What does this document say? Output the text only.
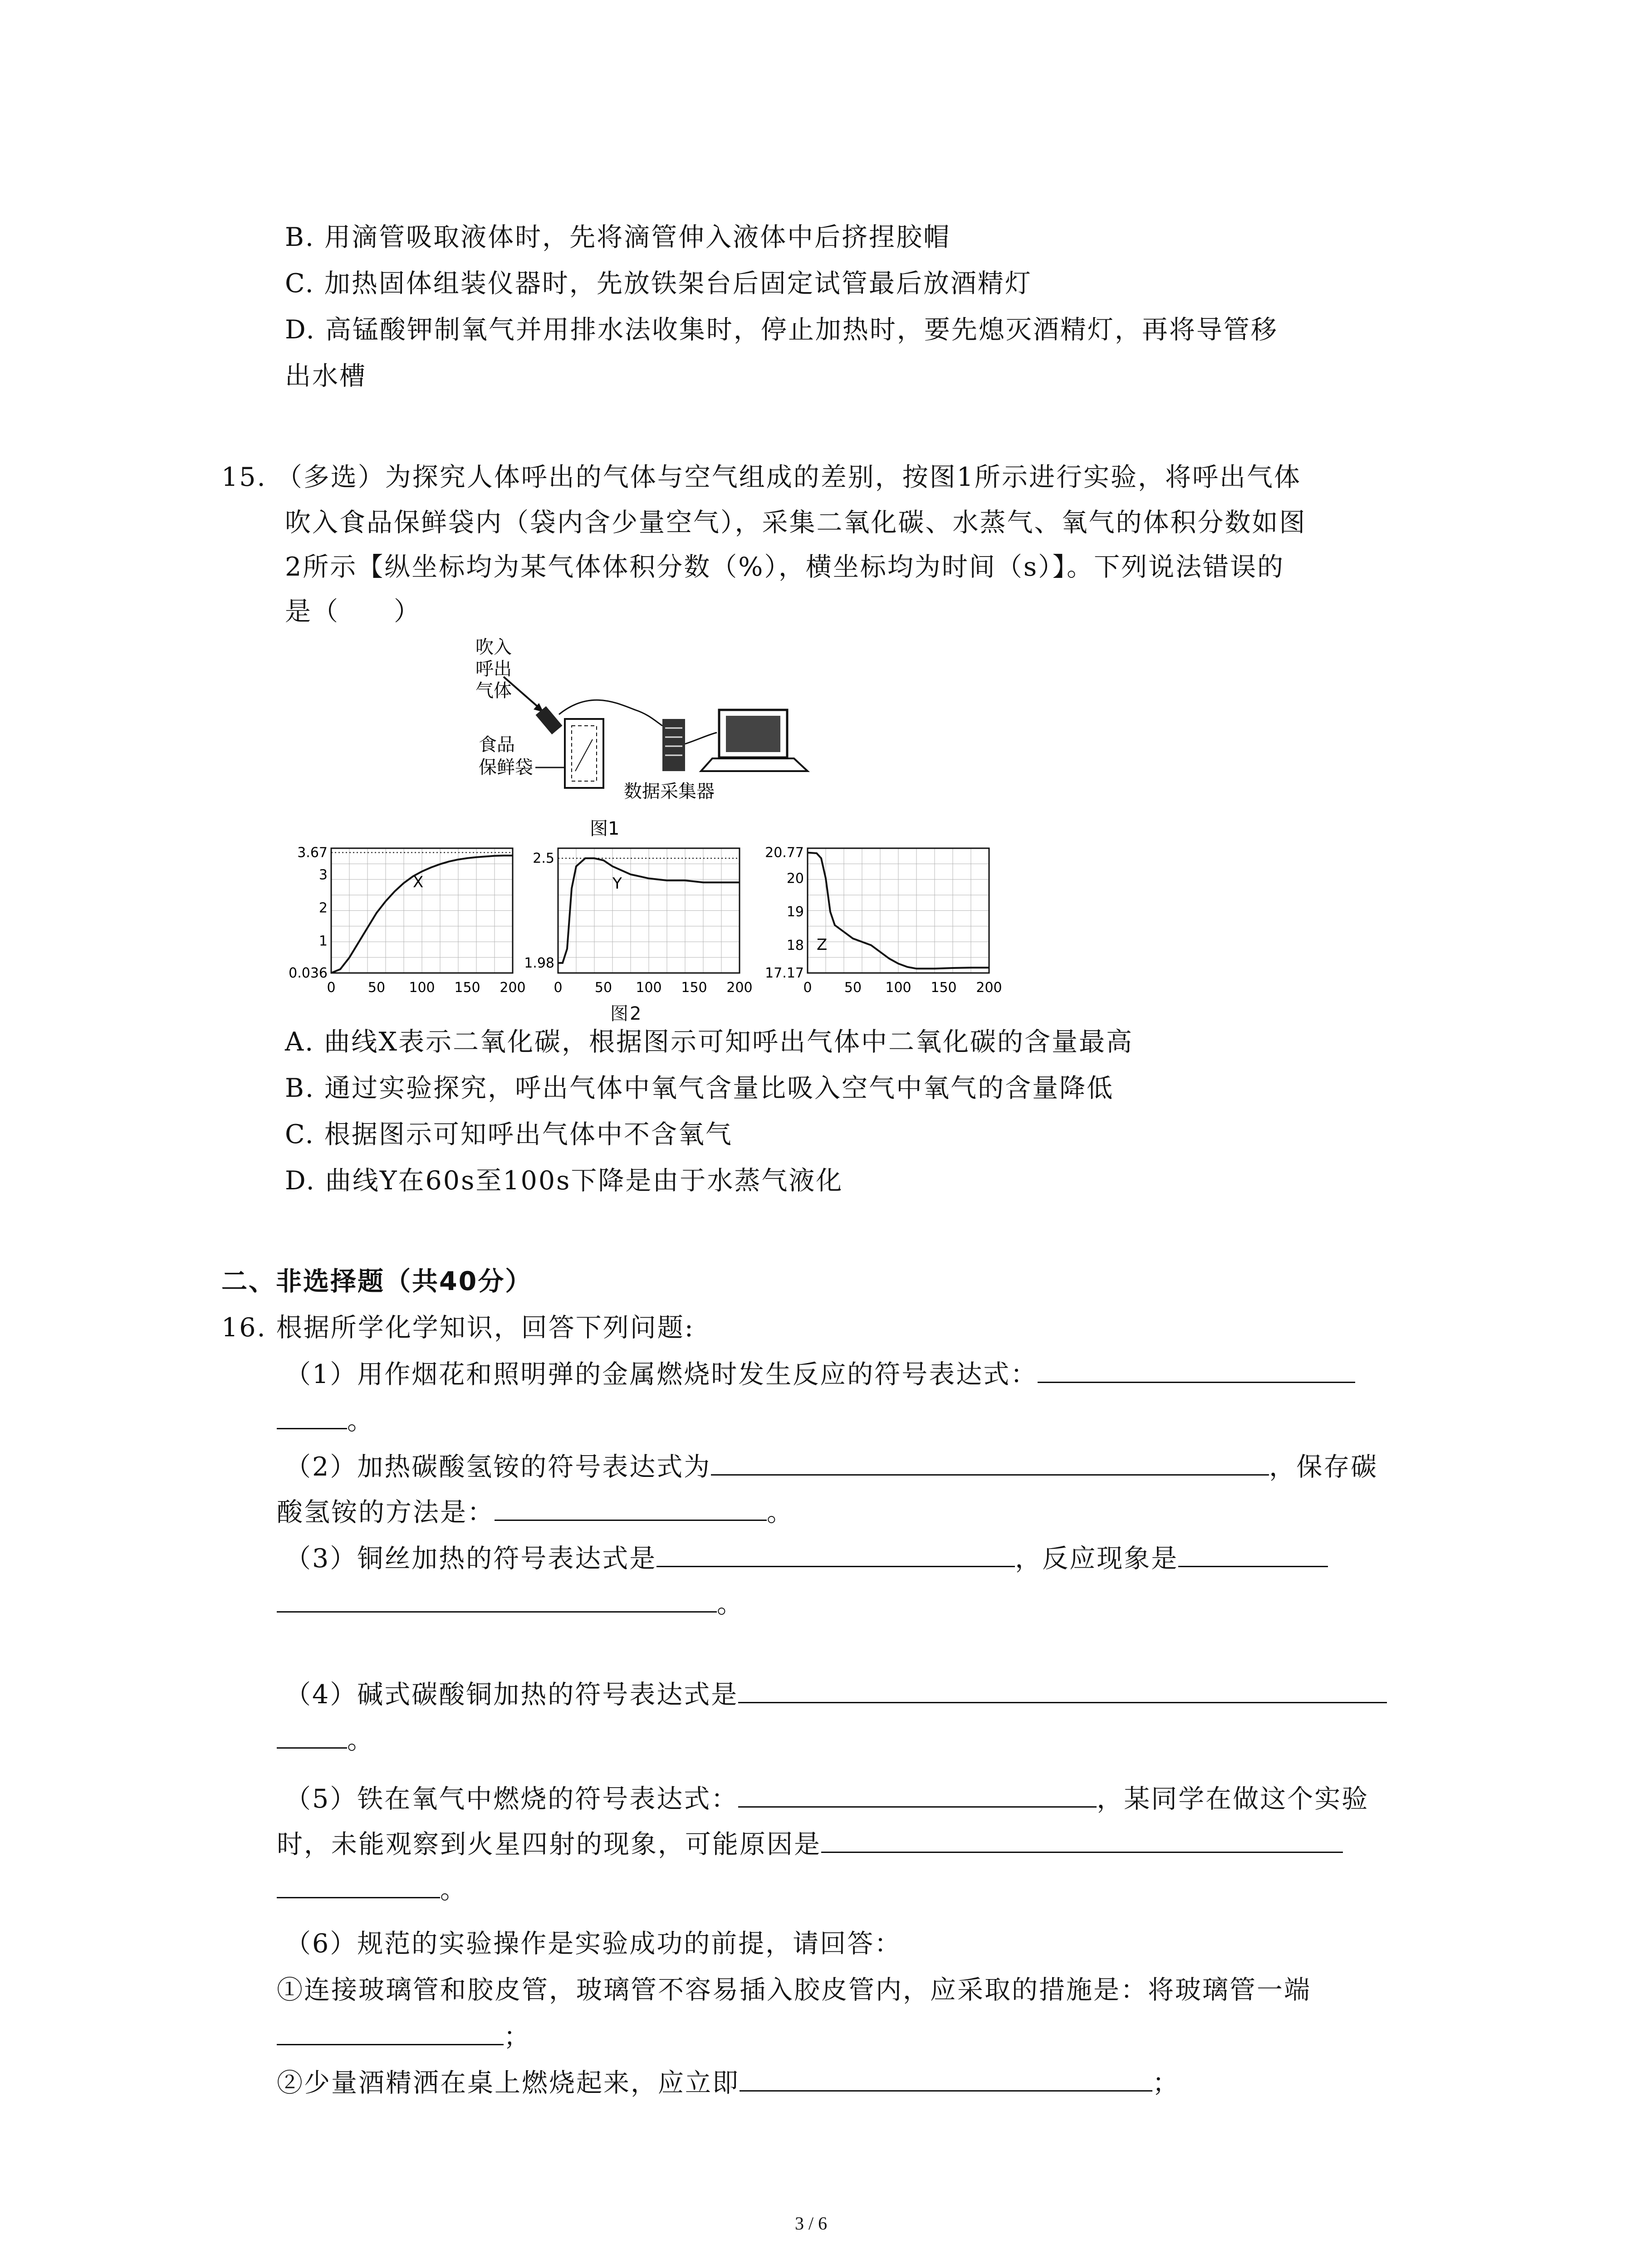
B. 用滴管吸取液体时，先将滴管伸入液体中后挤捏胶帽
C. 加热固体组装仪器时，先放铁架台后固定试管最后放酒精灯
D. 高锰酸钾制氧气并用排水法收集时，停止加热时，要先熄灭酒精灯，再将导管移
出水槽
15. （多选）为探究人体呼出的气体与空气组成的差别，按图1所示进行实验，将呼出气体
吹入食品保鲜袋内（袋内含少量空气），采集二氧化碳、水蒸气、氧气的体积分数如图
2所示【纵坐标均为某气体体积分数（%），横坐标均为时间（s）】。下列说法错误的
是（　　）
吹入
呼出
气体
食品
保鲜袋
数据采集器
图1
0 50 100 150 200
0.036
1
2
3
3.67
X
0 50 100 150 200
1.98
2.5
Y
0 50 100 150 200
17.17
18
19
20
20.77
Z
图2
A. 曲线X表示二氧化碳，根据图示可知呼出气体中二氧化碳的含量最高
B. 通过实验探究，呼出气体中氧气含量比吸入空气中氧气的含量降低
C. 根据图示可知呼出气体中不含氧气
D. 曲线Y在60s至100s下降是由于水蒸气液化
二、非选择题（共40分）
16. 根据所学化学知识，回答下列问题:
（1）用作烟花和照明弹的金属燃烧时发生反应的符号表达式：
。
（2）加热碳酸氢铵的符号表达式为	，保存碳
酸氢铵的方法是：	。
（3）铜丝加热的符号表达式是	，反应现象是
。
（4）碱式碳酸铜加热的符号表达式是
。
（5）铁在氧气中燃烧的符号表达式：	，某同学在做这个实验
时，未能观察到火星四射的现象，可能原因是
。
（6）规范的实验操作是实验成功的前提，请回答：
①连接玻璃管和胶皮管，玻璃管不容易插入胶皮管内，应采取的措施是：将玻璃管一端
；
②少量酒精洒在桌上燃烧起来，应立即	；
3 / 6
